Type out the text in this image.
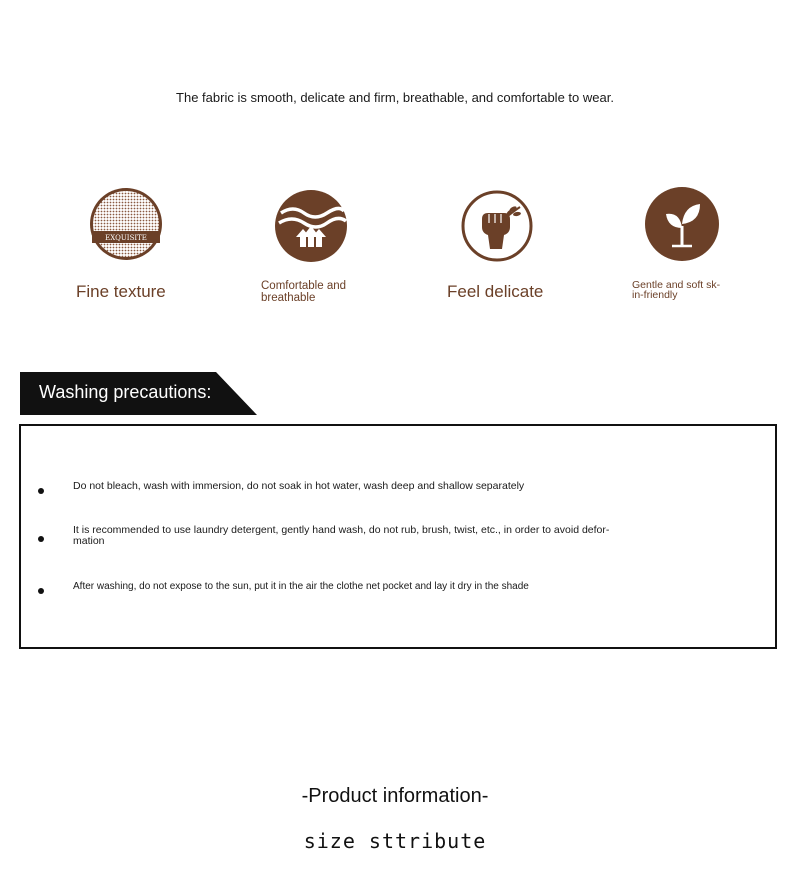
The fabric is smooth, delicate and firm, breathable, and comfortable to wear.
EXQUISITE
Fine texture	Comfortable and breathable	Feel delicate	Gentle and soft sk- in-friendly
Washing precautions:
Do not bleach, wash with immersion, do not soak in hot water, wash deep and shallow separately
It is recommended to use laundry detergent, gently hand wash, do not rub, brush, twist, etc., in order to avoid defor- mation
After washing, do not expose to the sun, put it in the air the clothe net pocket and lay it dry in the shade
-Product information-
size sttribute
